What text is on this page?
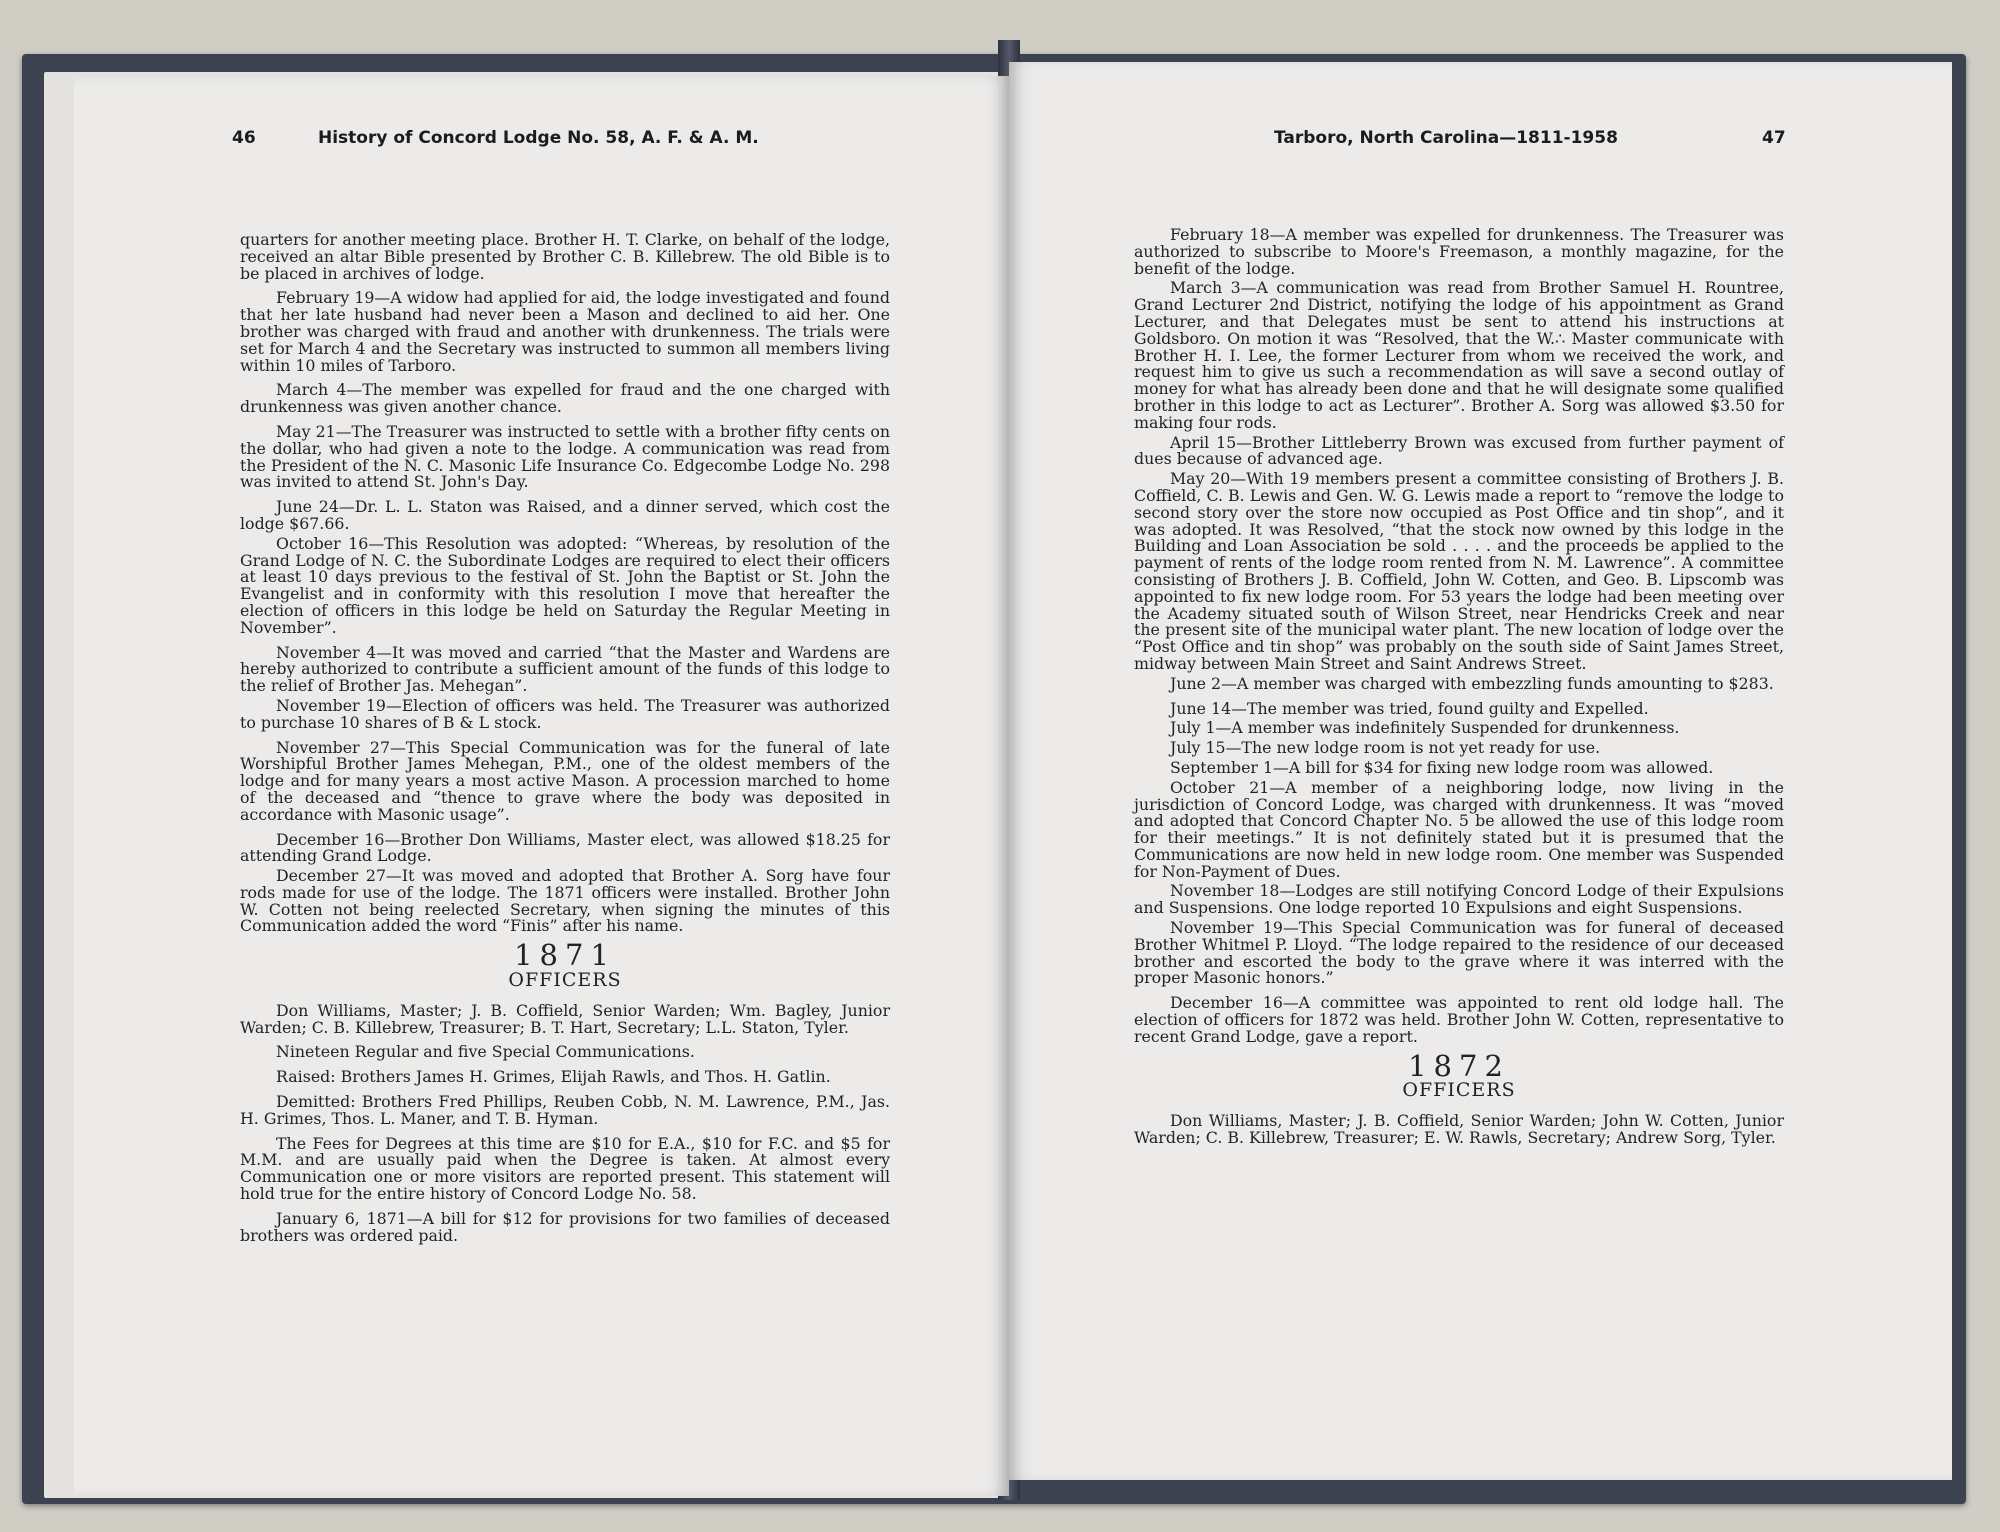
46	History of Concord Lodge No. 58, A. F. & A. M.

quarters for another meeting place. Brother H. T. Clarke, on behalf of the lodge, received an altar Bible presented by Brother C. B. Killebrew. The old Bible is to be placed in archives of lodge.

February 19—A widow had applied for aid, the lodge investigated and found that her late husband had never been a Mason and declined to aid her. One brother was charged with fraud and another with drunkenness. The trials were set for March 4 and the Secretary was instructed to summon all members living within 10 miles of Tarboro.

March 4—The member was expelled for fraud and the one charged with drunkenness was given another chance.

May 21—The Treasurer was instructed to settle with a brother fifty cents on the dollar, who had given a note to the lodge. A communication was read from the President of the N. C. Masonic Life Insurance Co. Edgecombe Lodge No. 298 was invited to attend St. John's Day.

June 24—Dr. L. L. Staton was Raised, and a dinner served, which cost the lodge $67.66.

October 16—This Resolution was adopted: “Whereas, by resolution of the Grand Lodge of N. C. the Subordinate Lodges are required to elect their officers at least 10 days previous to the festival of St. John the Baptist or St. John the Evangelist and in conformity with this resolution I move that hereafter the election of officers in this lodge be held on Saturday the Regular Meeting in November”.

November 4—It was moved and carried “that the Master and Wardens are hereby authorized to contribute a sufficient amount of the funds of this lodge to the relief of Brother Jas. Mehegan”.

November 19—Election of officers was held. The Treasurer was authorized to purchase 10 shares of B & L stock.

November 27—This Special Communication was for the funeral of late Worshipful Brother James Mehegan, P.M., one of the oldest members of the lodge and for many years a most active Mason. A procession marched to home of the deceased and “thence to grave where the body was deposited in accordance with Masonic usage”.

December 16—Brother Don Williams, Master elect, was allowed $18.25 for attending Grand Lodge.

December 27—It was moved and adopted that Brother A. Sorg have four rods made for use of the lodge. The 1871 officers were installed. Brother John W. Cotten not being reelected Secretary, when signing the minutes of this Communication added the word “Finis” after his name.

1871
OFFICERS

Don Williams, Master; J. B. Coffield, Senior Warden; Wm. Bagley, Junior Warden; C. B. Killebrew, Treasurer; B. T. Hart, Secretary; L.L. Staton, Tyler.

Nineteen Regular and five Special Communications.

Raised: Brothers James H. Grimes, Elijah Rawls, and Thos. H. Gatlin.

Demitted: Brothers Fred Phillips, Reuben Cobb, N. M. Lawrence, P.M., Jas. H. Grimes, Thos. L. Maner, and T. B. Hyman.

The Fees for Degrees at this time are $10 for E.A., $10 for F.C. and $5 for M.M. and are usually paid when the Degree is taken. At almost every Communication one or more visitors are reported present. This statement will hold true for the entire history of Concord Lodge No. 58.

January 6, 1871—A bill for $12 for provisions for two families of deceased brothers was ordered paid.

Tarboro, North Carolina—1811-1958	47

February 18—A member was expelled for drunkenness. The Treasurer was authorized to subscribe to Moore's Freemason, a monthly magazine, for the benefit of the lodge.

March 3—A communication was read from Brother Samuel H. Rountree, Grand Lecturer 2nd District, notifying the lodge of his appointment as Grand Lecturer, and that Delegates must be sent to attend his instructions at Goldsboro. On motion it was “Resolved, that the W.∴ Master communicate with Brother H. I. Lee, the former Lecturer from whom we received the work, and request him to give us such a recommendation as will save a second outlay of money for what has already been done and that he will designate some qualified brother in this lodge to act as Lecturer”. Brother A. Sorg was allowed $3.50 for making four rods.

April 15—Brother Littleberry Brown was excused from further payment of dues because of advanced age.

May 20—With 19 members present a committee consisting of Brothers J. B. Coffield, C. B. Lewis and Gen. W. G. Lewis made a report to “remove the lodge to second story over the store now occupied as Post Office and tin shop”, and it was adopted. It was Resolved, “that the stock now owned by this lodge in the Building and Loan Association be sold . . . . and the proceeds be applied to the payment of rents of the lodge room rented from N. M. Lawrence”. A committee consisting of Brothers J. B. Coffield, John W. Cotten, and Geo. B. Lipscomb was appointed to fix new lodge room. For 53 years the lodge had been meeting over the Academy situated south of Wilson Street, near Hendricks Creek and near the present site of the municipal water plant. The new location of lodge over the “Post Office and tin shop” was probably on the south side of Saint James Street, midway between Main Street and Saint Andrews Street.

June 2—A member was charged with embezzling funds amounting to $283.

June 14—The member was tried, found guilty and Expelled.

July 1—A member was indefinitely Suspended for drunkenness.

July 15—The new lodge room is not yet ready for use.

September 1—A bill for $34 for fixing new lodge room was allowed.

October 21—A member of a neighboring lodge, now living in the jurisdiction of Concord Lodge, was charged with drunkenness. It was “moved and adopted that Concord Chapter No. 5 be allowed the use of this lodge room for their meetings.” It is not definitely stated but it is presumed that the Communications are now held in new lodge room. One member was Suspended for Non-Payment of Dues.

November 18—Lodges are still notifying Concord Lodge of their Expulsions and Suspensions. One lodge reported 10 Expulsions and eight Suspensions.

November 19—This Special Communication was for funeral of deceased Brother Whitmel P. Lloyd. “The lodge repaired to the residence of our deceased brother and escorted the body to the grave where it was interred with the proper Masonic honors.”

December 16—A committee was appointed to rent old lodge hall. The election of officers for 1872 was held. Brother John W. Cotten, representative to recent Grand Lodge, gave a report.

1872
OFFICERS

Don Williams, Master; J. B. Coffield, Senior Warden; John W. Cotten, Junior Warden; C. B. Killebrew, Treasurer; E. W. Rawls, Secretary; Andrew Sorg, Tyler.
